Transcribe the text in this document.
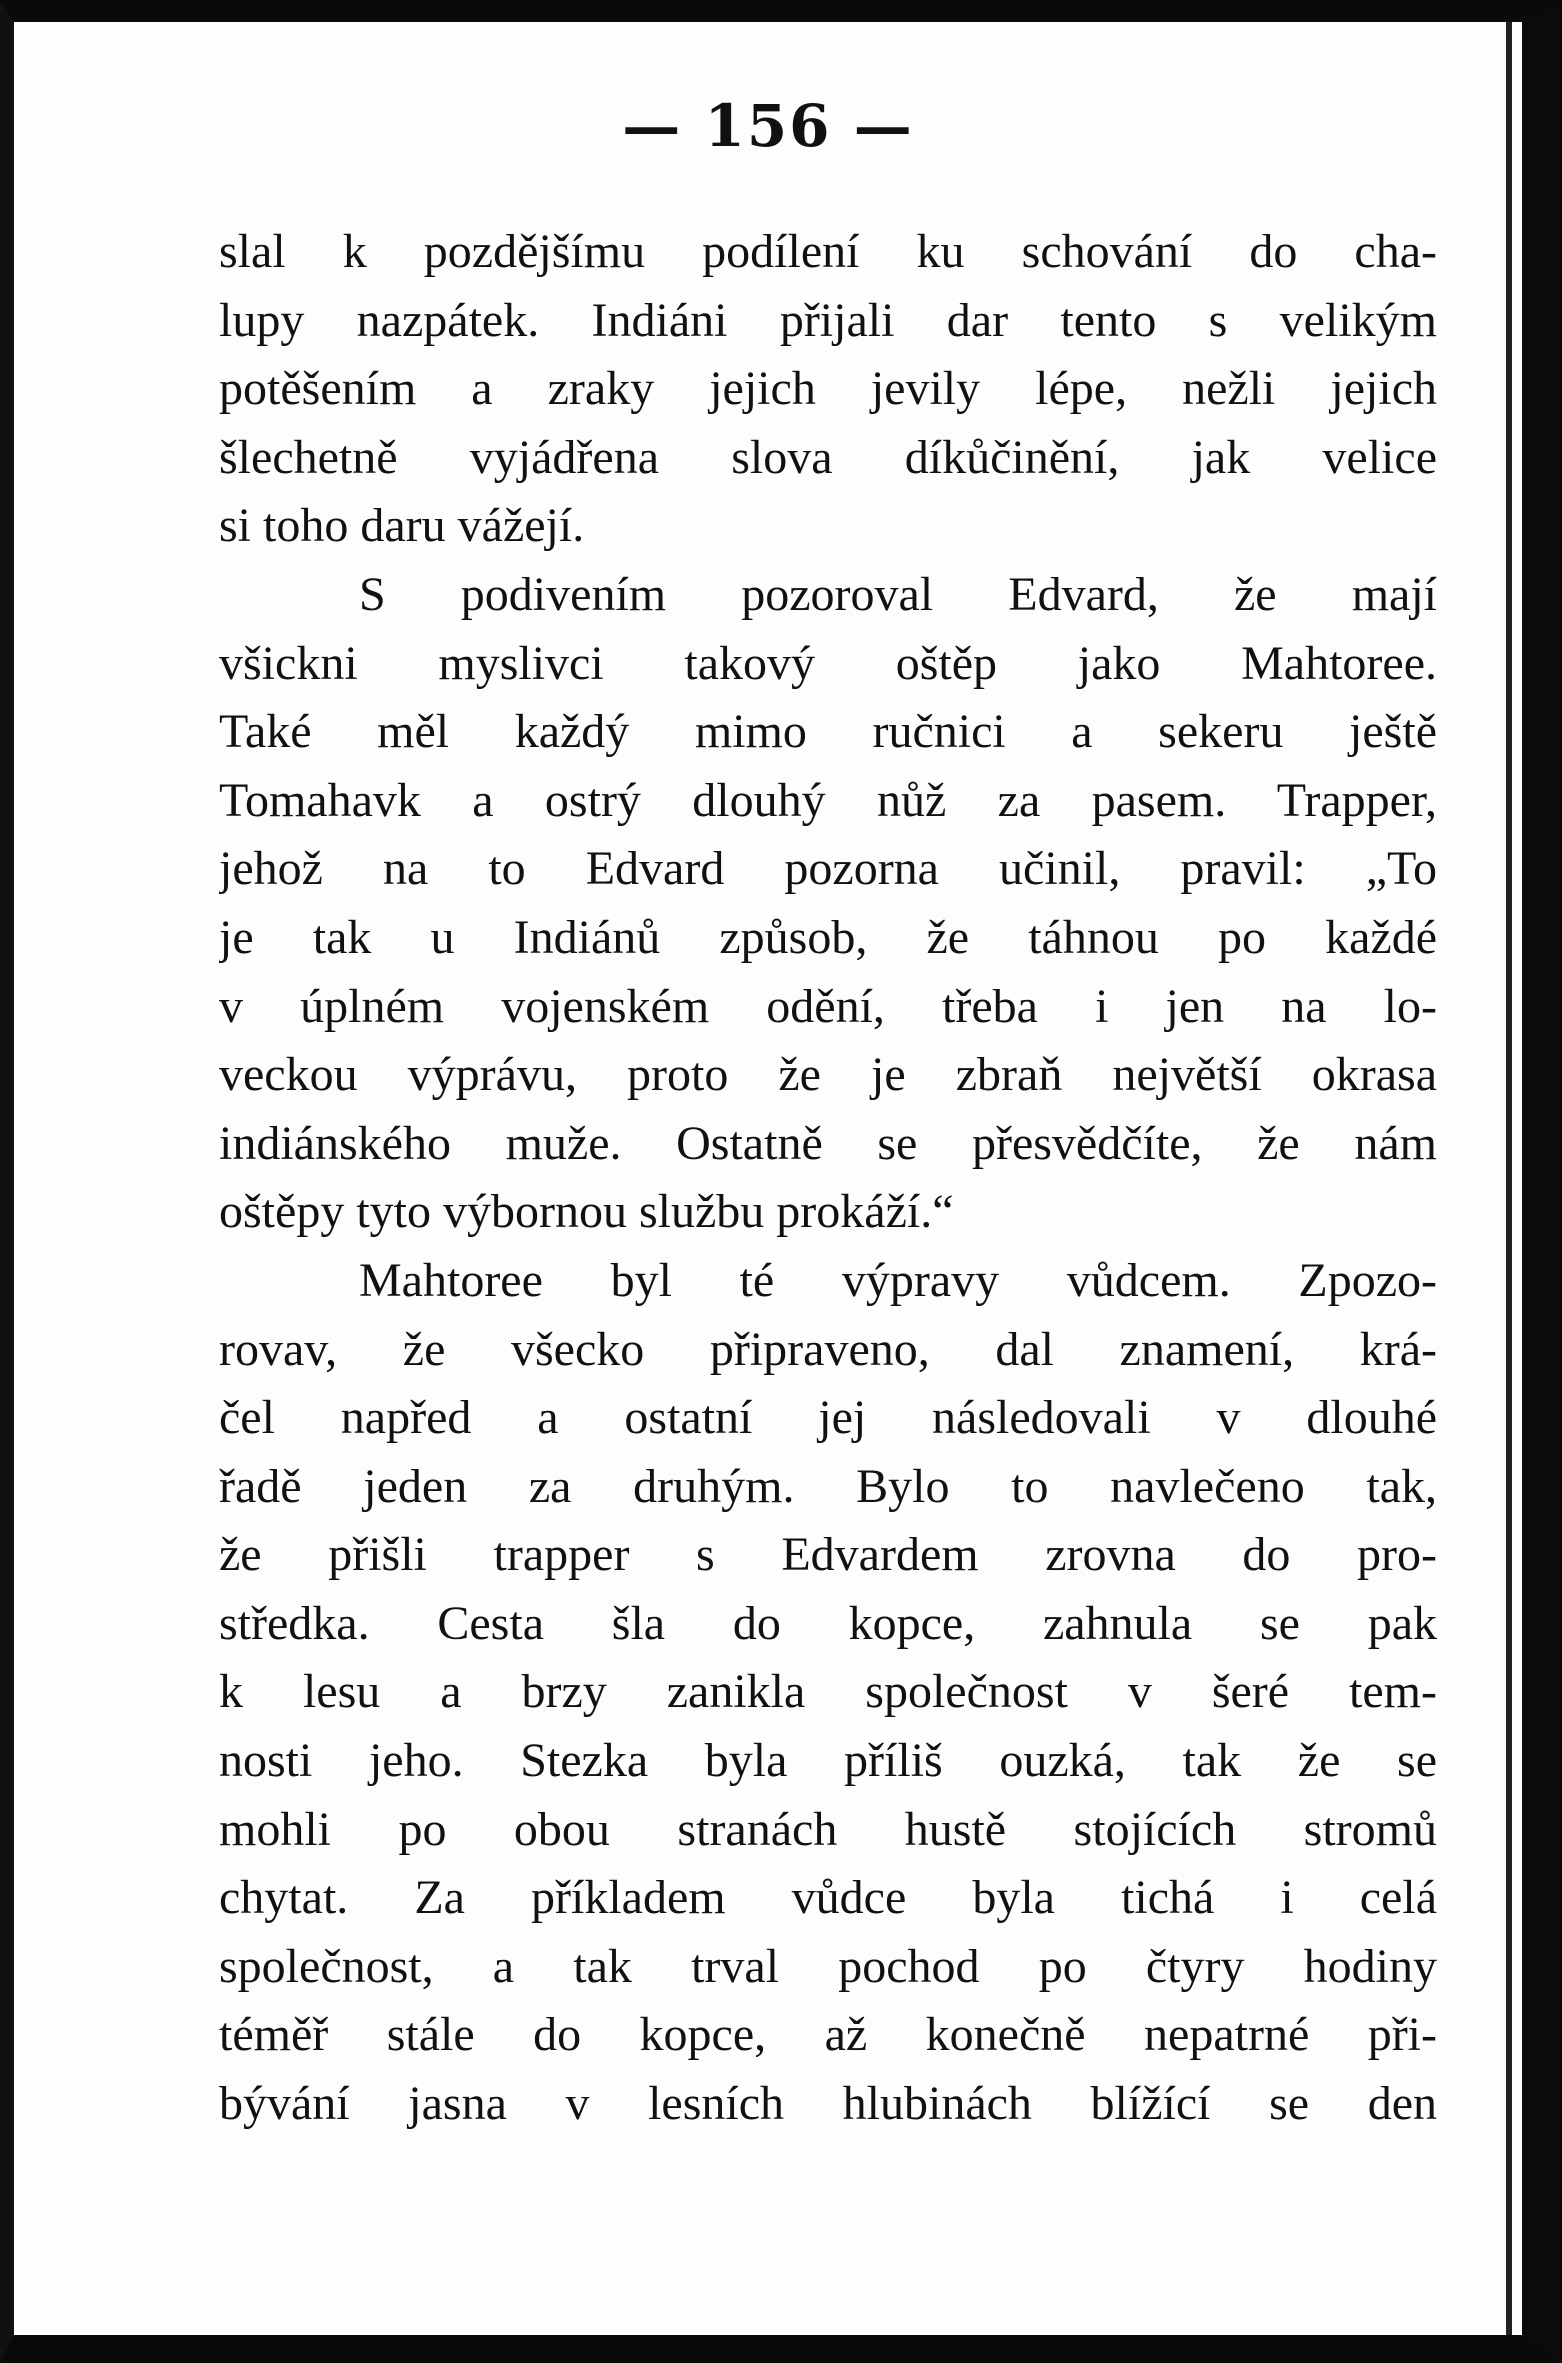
— 156 —
slal k pozdějšímu podílení ku schování do cha-
lupy nazpátek. Indiáni přijali dar tento s velikým
potěšením a zraky jejich jevily lépe, nežli jejich
šlechetně vyjádřena slova díkůčinění, jak velice
si toho daru vážejí.
S podivením pozoroval Edvard, že mají
všickni myslivci takový oštěp jako Mahtoree.
Také měl každý mimo ručnici a sekeru ještě
Tomahavk a ostrý dlouhý nůž za pasem. Trapper,
jehož na to Edvard pozorna učinil, pravil: „To
je tak u Indiánů způsob, že táhnou po každé
v úplném vojenském odění, třeba i jen na lo-
veckou výprávu, proto že je zbraň největší okrasa
indiánského muže. Ostatně se přesvědčíte, že nám
oštěpy tyto výbornou službu prokáží.“
Mahtoree byl té výpravy vůdcem. Zpozo-
rovav, že všecko připraveno, dal znamení, krá-
čel napřed a ostatní jej následovali v dlouhé
řadě jeden za druhým. Bylo to navlečeno tak,
že přišli trapper s Edvardem zrovna do pro-
středka. Cesta šla do kopce, zahnula se pak
k lesu a brzy zanikla společnost v šeré tem-
nosti jeho. Stezka byla příliš ouzká, tak že se
mohli po obou stranách hustě stojících stromů
chytat. Za příkladem vůdce byla tichá i celá
společnost, a tak trval pochod po čtyry hodiny
téměř stále do kopce, až konečně nepatrné při-
bývání jasna v lesních hlubinách blížící se den
